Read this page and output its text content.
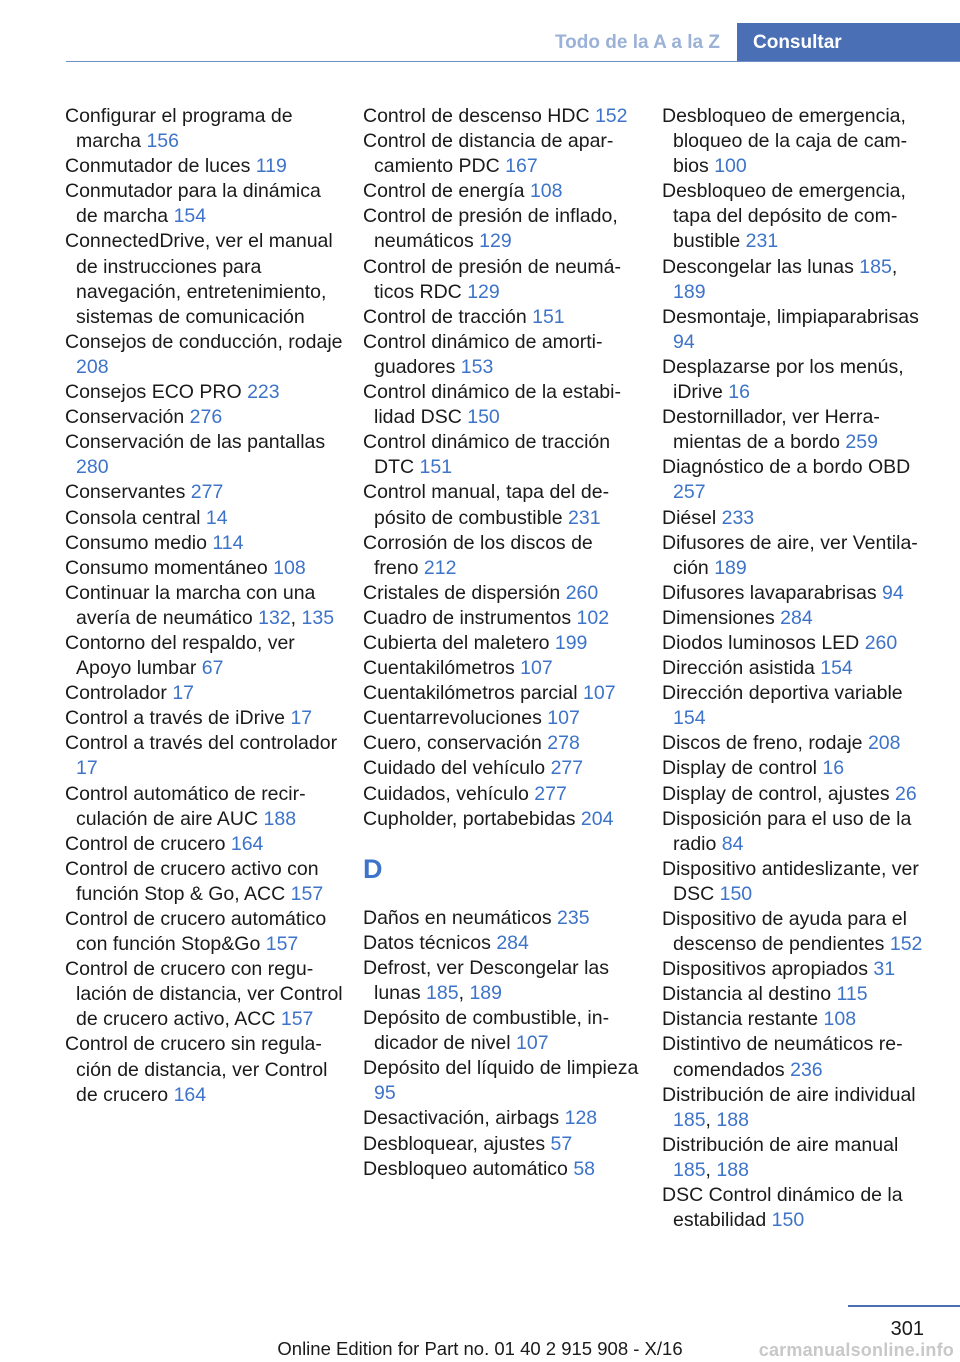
Todo de la A a la Z	Consultar

Configurar el programa de marcha 156

Conmutador de luces 119

Conmutador para la dinámica de marcha 154

ConnectedDrive, ver el manual de instrucciones para navegación, entretenimiento, sistemas de comunicación

Consejos de conducción, rodaje 208

Consejos ECO PRO 223

Conservación 276

Conservación de las pantallas 280

Conservantes 277

Consola central 14

Consumo medio 114

Consumo momentáneo 108

Continuar la marcha con una avería de neumático 132, 135

Contorno del respaldo, ver Apoyo lumbar 67

Controlador 17

Control a través de iDrive 17

Control a través del controlador 17

Control automático de recirculación de aire AUC 188

Control de crucero 164

Control de crucero activo con función Stop & Go, ACC 157

Control de crucero automático con función Stop&Go 157

Control de crucero con regulación de distancia, ver Control de crucero activo, ACC 157

Control de crucero sin regulación de distancia, ver Control de crucero 164

Control de descenso HDC 152

Control de distancia de aparcamiento PDC 167

Control de energía 108

Control de presión de inflado, neumáticos 129

Control de presión de neumáticos RDC 129

Control de tracción 151

Control dinámico de amortiguadores 153

Control dinámico de la estabilidad DSC 150

Control dinámico de tracción DTC 151

Control manual, tapa del depósito de combustible 231

Corrosión de los discos de freno 212

Cristales de dispersión 260

Cuadro de instrumentos 102

Cubierta del maletero 199

Cuentakilómetros 107

Cuentakilómetros parcial 107

Cuentarrevoluciones 107

Cuero, conservación 278

Cuidado del vehículo 277

Cuidados, vehículo 277

Cupholder, portabebidas 204

D

Daños en neumáticos 235

Datos técnicos 284

Defrost, ver Descongelar las lunas 185, 189

Depósito de combustible, indicador de nivel 107

Depósito del líquido de limpieza 95

Desactivación, airbags 128

Desbloquear, ajustes 57

Desbloqueo automático 58

Desbloqueo de emergencia, bloqueo de la caja de cambios 100

Desbloqueo de emergencia, tapa del depósito de combustible 231

Descongelar las lunas 185, 189

Desmontaje, limpiaparabrisas 94

Desplazarse por los menús, iDrive 16

Destornillador, ver Herramientas de a bordo 259

Diagnóstico de a bordo OBD 257

Diésel 233

Difusores de aire, ver Ventilación 189

Difusores lavaparabrisas 94

Dimensiones 284

Diodos luminosos LED 260

Dirección asistida 154

Dirección deportiva variable 154

Discos de freno, rodaje 208

Display de control 16

Display de control, ajustes 26

Disposición para el uso de la radio 84

Dispositivo antideslizante, ver DSC 150

Dispositivo de ayuda para el descenso de pendientes 152

Dispositivos apropiados 31

Distancia al destino 115

Distancia restante 108

Distintivo de neumáticos recomendados 236

Distribución de aire individual 185, 188

Distribución de aire manual 185, 188

DSC Control dinámico de la estabilidad 150

301
Online Edition for Part no. 01 40 2 915 908 - X/16	carmanualsonline.info
